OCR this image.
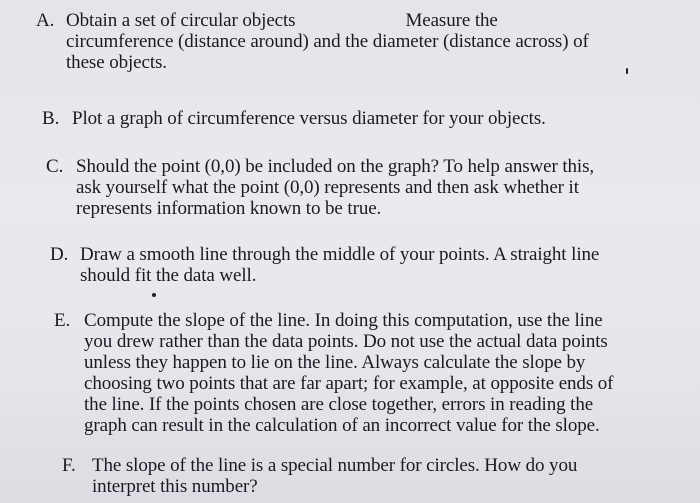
A. Obtain a set of circular objects	Measure the
circumference (distance around) and the diameter (distance across) of
these objects.
B. Plot a graph of circumference versus diameter for your objects.
C. Should the point (0,0) be included on the graph? To help answer this,
ask yourself what the point (0,0) represents and then ask whether it
represents information known to be true.
D. Draw a smooth line through the middle of your points. A straight line
should fit the data well.
E. Compute the slope of the line. In doing this computation, use the line
you drew rather than the data points. Do not use the actual data points
unless they happen to lie on the line. Always calculate the slope by
choosing two points that are far apart; for example, at opposite ends of
the line. If the points chosen are close together, errors in reading the
graph can result in the calculation of an incorrect value for the slope.
F. The slope of the line is a special number for circles. How do you
interpret this number?
